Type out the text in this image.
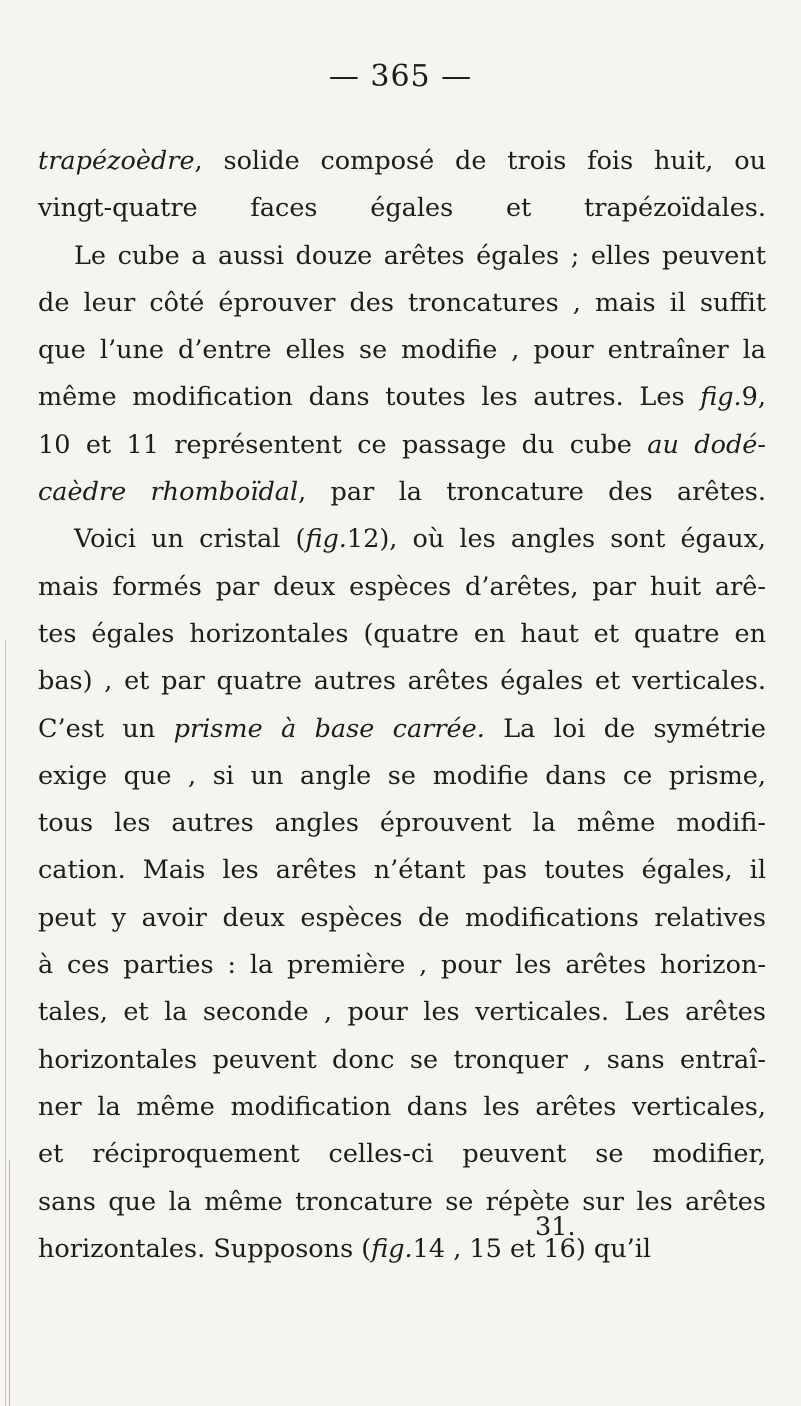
— 365 —
trapézoèdre, solide composé de trois fois huit, ou
vingt-quatre faces égales et trapézoïdales.
Le cube a aussi douze arêtes égales ; elles peuvent
de leur côté éprouver des troncatures , mais il suffit
que l’une d’entre elles se modifie , pour entraîner la
même modification dans toutes les autres. Les fig.9,
10 et 11 représentent ce passage du cube au dodé-
caèdre rhomboïdal, par la troncature des arêtes.
Voici un cristal (fig.12), où les angles sont égaux,
mais formés par deux espèces d’arêtes, par huit arê-
tes égales horizontales (quatre en haut et quatre en
bas) , et par quatre autres arêtes égales et verticales.
C’est un prisme à base carrée. La loi de symétrie
exige que , si un angle se modifie dans ce prisme,
tous les autres angles éprouvent la même modifi-
cation. Mais les arêtes n’étant pas toutes égales, il
peut y avoir deux espèces de modifications relatives
à ces parties : la première , pour les arêtes horizon-
tales, et la seconde , pour les verticales. Les arêtes
horizontales peuvent donc se tronquer , sans entraî-
ner la même modification dans les arêtes verticales,
et réciproquement celles-ci peuvent se modifier,
sans que la même troncature se répète sur les arêtes
horizontales. Supposons (fig.14 , 15 et 16) qu’il
31.
